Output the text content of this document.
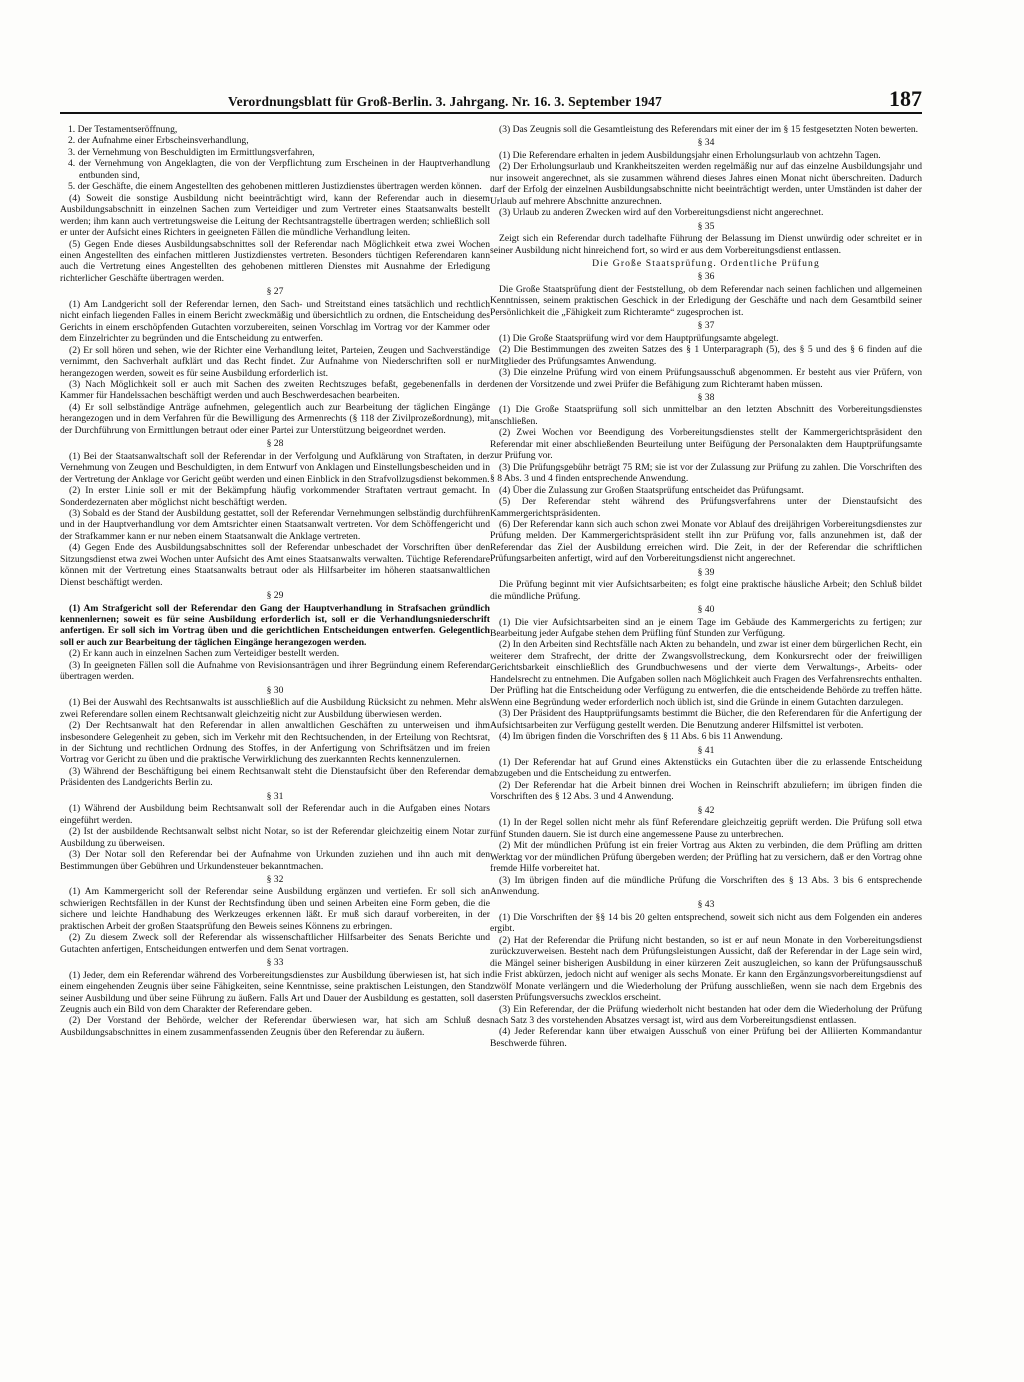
Verordnungsblatt für Groß-Berlin. 3. Jahrgang. Nr. 16. 3. September 1947	187

1. Der Testamentseröffnung,

2. der Aufnahme einer Erbscheinsverhandlung,

3. der Vernehmung von Beschuldigten im Ermittlungsverfahren,

4. der Vernehmung von Angeklagten, die von der Verpflichtung zum Erscheinen in der Hauptverhandlung entbunden sind,

5. der Geschäfte, die einem Angestellten des gehobenen mittleren Justizdienstes übertragen werden können.

(4) Soweit die sonstige Ausbildung nicht beeinträchtigt wird, kann der Referendar auch in diesem Ausbildungsabschnitt in einzelnen Sachen zum Verteidiger und zum Vertreter eines Staatsanwalts bestellt werden; ihm kann auch vertretungsweise die Leitung der Rechtsantragstelle übertragen werden; schließlich soll er unter der Aufsicht eines Richters in geeigneten Fällen die mündliche Verhandlung leiten.

(5) Gegen Ende dieses Ausbildungsabschnittes soll der Referendar nach Möglichkeit etwa zwei Wochen einen Angestellten des einfachen mittleren Justizdienstes vertreten. Besonders tüchtigen Referendaren kann auch die Vertretung eines Angestellten des gehobenen mittleren Dienstes mit Ausnahme der Erledigung richterlicher Geschäfte übertragen werden.

§ 27

(1) Am Landgericht soll der Referendar lernen, den Sach- und Streitstand eines tatsächlich und rechtlich nicht einfach liegenden Falles in einem Bericht zweckmäßig und übersichtlich zu ordnen, die Entscheidung des Gerichts in einem erschöpfenden Gutachten vorzubereiten, seinen Vorschlag im Vortrag vor der Kammer oder dem Einzelrichter zu begründen und die Entscheidung zu entwerfen.

(2) Er soll hören und sehen, wie der Richter eine Verhandlung leitet, Parteien, Zeugen und Sachverständige vernimmt, den Sachverhalt aufklärt und das Recht findet. Zur Aufnahme von Niederschriften soll er nur herangezogen werden, soweit es für seine Ausbildung erforderlich ist.

(3) Nach Möglichkeit soll er auch mit Sachen des zweiten Rechtszuges befaßt, gegebenenfalls in der Kammer für Handelssachen beschäftigt werden und auch Beschwerdesachen bearbeiten.

(4) Er soll selbständige Anträge aufnehmen, gelegentlich auch zur Bearbeitung der täglichen Eingänge herangezogen und in dem Verfahren für die Bewilligung des Armenrechts (§ 118 der Zivilprozeßordnung), mit der Durchführung von Ermittlungen betraut oder einer Partei zur Unterstützung beigeordnet werden.

§ 28

(1) Bei der Staatsanwaltschaft soll der Referendar in der Verfolgung und Aufklärung von Straftaten, in der Vernehmung von Zeugen und Beschuldigten, in dem Entwurf von Anklagen und Einstellungsbescheiden und in der Vertretung der Anklage vor Gericht geübt werden und einen Einblick in den Strafvollzugsdienst bekommen.

(2) In erster Linie soll er mit der Bekämpfung häufig vorkommender Straftaten vertraut gemacht. In Sonderdezernaten aber möglichst nicht beschäftigt werden.

(3) Sobald es der Stand der Ausbildung gestattet, soll der Referendar Vernehmungen selbständig durchführen und in der Hauptverhandlung vor dem Amtsrichter einen Staatsanwalt vertreten. Vor dem Schöffengericht und der Strafkammer kann er nur neben einem Staatsanwalt die Anklage vertreten.

(4) Gegen Ende des Ausbildungsabschnittes soll der Referendar unbeschadet der Vorschriften über den Sitzungsdienst etwa zwei Wochen unter Aufsicht des Amt eines Staatsanwalts verwalten. Tüchtige Referendare können mit der Vertretung eines Staatsanwalts betraut oder als Hilfsarbeiter im höheren staatsanwaltlichen Dienst beschäftigt werden.

§ 29

(1) Am Strafgericht soll der Referendar den Gang der Hauptverhandlung in Strafsachen gründlich kennenlernen; soweit es für seine Ausbildung erforderlich ist, soll er die Verhandlungsniederschrift anfertigen. Er soll sich im Vortrag üben und die gerichtlichen Entscheidungen entwerfen. Gelegentlich soll er auch zur Bearbeitung der täglichen Eingänge herangezogen werden.

(2) Er kann auch in einzelnen Sachen zum Verteidiger bestellt werden.

(3) In geeigneten Fällen soll die Aufnahme von Revisionsanträgen und ihrer Begründung einem Referendar übertragen werden.

§ 30

(1) Bei der Auswahl des Rechtsanwalts ist ausschließlich auf die Ausbildung Rücksicht zu nehmen. Mehr als zwei Referendare sollen einem Rechtsanwalt gleichzeitig nicht zur Ausbildung überwiesen werden.

(2) Der Rechtsanwalt hat den Referendar in allen anwaltlichen Geschäften zu unterweisen und ihm insbesondere Gelegenheit zu geben, sich im Verkehr mit den Rechtsuchenden, in der Erteilung von Rechtsrat, in der Sichtung und rechtlichen Ordnung des Stoffes, in der Anfertigung von Schriftsätzen und im freien Vortrag vor Gericht zu üben und die praktische Verwirklichung des zuerkannten Rechts kennenzulernen.

(3) Während der Beschäftigung bei einem Rechtsanwalt steht die Dienstaufsicht über den Referendar dem Präsidenten des Landgerichts Berlin zu.

§ 31

(1) Während der Ausbildung beim Rechtsanwalt soll der Referendar auch in die Aufgaben eines Notars eingeführt werden.

(2) Ist der ausbildende Rechtsanwalt selbst nicht Notar, so ist der Referendar gleichzeitig einem Notar zur Ausbildung zu überweisen.

(3) Der Notar soll den Referendar bei der Aufnahme von Urkunden zuziehen und ihn auch mit den Bestimmungen über Gebühren und Urkundensteuer bekanntmachen.

§ 32

(1) Am Kammergericht soll der Referendar seine Ausbildung ergänzen und vertiefen. Er soll sich an schwierigen Rechtsfällen in der Kunst der Rechtsfindung üben und seinen Arbeiten eine Form geben, die die sichere und leichte Handhabung des Werkzeuges erkennen läßt. Er muß sich darauf vorbereiten, in der praktischen Arbeit der großen Staatsprüfung den Beweis seines Könnens zu erbringen.

(2) Zu diesem Zweck soll der Referendar als wissenschaftlicher Hilfsarbeiter des Senats Berichte und Gutachten anfertigen, Entscheidungen entwerfen und dem Senat vortragen.

§ 33

(1) Jeder, dem ein Referendar während des Vorbereitungsdienstes zur Ausbildung überwiesen ist, hat sich in einem eingehenden Zeugnis über seine Fähigkeiten, seine Kenntnisse, seine praktischen Leistungen, den Stand seiner Ausbildung und über seine Führung zu äußern. Falls Art und Dauer der Ausbildung es gestatten, soll das Zeugnis auch ein Bild von dem Charakter der Referendare geben.

(2) Der Vorstand der Behörde, welcher der Referendar überwiesen war, hat sich am Schluß des Ausbildungsabschnittes in einem zusammenfassenden Zeugnis über den Referendar zu äußern.

(3) Das Zeugnis soll die Gesamtleistung des Referendars mit einer der im § 15 festgesetzten Noten bewerten.

§ 34

(1) Die Referendare erhalten in jedem Ausbildungsjahr einen Erholungsurlaub von achtzehn Tagen.

(2) Der Erholungsurlaub und Krankheitszeiten werden regelmäßig nur auf das einzelne Ausbildungsjahr und nur insoweit angerechnet, als sie zusammen während dieses Jahres einen Monat nicht überschreiten. Dadurch darf der Erfolg der einzelnen Ausbildungsabschnitte nicht beeinträchtigt werden, unter Umständen ist daher der Urlaub auf mehrere Abschnitte anzurechnen.

(3) Urlaub zu anderen Zwecken wird auf den Vorbereitungsdienst nicht angerechnet.

§ 35

Zeigt sich ein Referendar durch tadelhafte Führung der Belassung im Dienst unwürdig oder schreitet er in seiner Ausbildung nicht hinreichend fort, so wird er aus dem Vorbereitungsdienst entlassen.

Die Große Staatsprüfung. Ordentliche Prüfung

§ 36

Die Große Staatsprüfung dient der Feststellung, ob dem Referendar nach seinen fachlichen und allgemeinen Kenntnissen, seinem praktischen Geschick in der Erledigung der Geschäfte und nach dem Gesamtbild seiner Persönlichkeit die „Fähigkeit zum Richteramte“ zugesprochen ist.

§ 37

(1) Die Große Staatsprüfung wird vor dem Hauptprüfungsamte abgelegt.

(2) Die Bestimmungen des zweiten Satzes des § 1 Unterparagraph (5), des § 5 und des § 6 finden auf die Mitglieder des Prüfungsamtes Anwendung.

(3) Die einzelne Prüfung wird von einem Prüfungsausschuß abgenommen. Er besteht aus vier Prüfern, von denen der Vorsitzende und zwei Prüfer die Befähigung zum Richteramt haben müssen.

§ 38

(1) Die Große Staatsprüfung soll sich unmittelbar an den letzten Abschnitt des Vorbereitungsdienstes anschließen.

(2) Zwei Wochen vor Beendigung des Vorbereitungsdienstes stellt der Kammergerichtspräsident den Referendar mit einer abschließenden Beurteilung unter Beifügung der Personalakten dem Hauptprüfungsamte zur Prüfung vor.

(3) Die Prüfungsgebühr beträgt 75 RM; sie ist vor der Zulassung zur Prüfung zu zahlen. Die Vorschriften des § 8 Abs. 3 und 4 finden entsprechende Anwendung.

(4) Über die Zulassung zur Großen Staatsprüfung entscheidet das Prüfungsamt.

(5) Der Referendar steht während des Prüfungsverfahrens unter der Dienstaufsicht des Kammergerichtspräsidenten.

(6) Der Referendar kann sich auch schon zwei Monate vor Ablauf des dreijährigen Vorbereitungsdienstes zur Prüfung melden. Der Kammergerichtspräsident stellt ihn zur Prüfung vor, falls anzunehmen ist, daß der Referendar das Ziel der Ausbildung erreichen wird. Die Zeit, in der der Referendar die schriftlichen Prüfungsarbeiten anfertigt, wird auf den Vorbereitungsdienst nicht angerechnet.

§ 39

Die Prüfung beginnt mit vier Aufsichtsarbeiten; es folgt eine praktische häusliche Arbeit; den Schluß bildet die mündliche Prüfung.

§ 40

(1) Die vier Aufsichtsarbeiten sind an je einem Tage im Gebäude des Kammergerichts zu fertigen; zur Bearbeitung jeder Aufgabe stehen dem Prüfling fünf Stunden zur Verfügung.

(2) In den Arbeiten sind Rechtsfälle nach Akten zu behandeln, und zwar ist einer dem bürgerlichen Recht, ein weiterer dem Strafrecht, der dritte der Zwangsvollstreckung, dem Konkursrecht oder der freiwilligen Gerichtsbarkeit einschließlich des Grundbuchwesens und der vierte dem Verwaltungs-, Arbeits- oder Handelsrecht zu entnehmen. Die Aufgaben sollen nach Möglichkeit auch Fragen des Verfahrensrechts enthalten. Der Prüfling hat die Entscheidung oder Verfügung zu entwerfen, die die entscheidende Behörde zu treffen hätte. Wenn eine Begründung weder erforderlich noch üblich ist, sind die Gründe in einem Gutachten darzulegen.

(3) Der Präsident des Hauptprüfungsamts bestimmt die Bücher, die den Referendaren für die Anfertigung der Aufsichtsarbeiten zur Verfügung gestellt werden. Die Benutzung anderer Hilfsmittel ist verboten.

(4) Im übrigen finden die Vorschriften des § 11 Abs. 6 bis 11 Anwendung.

§ 41

(1) Der Referendar hat auf Grund eines Aktenstücks ein Gutachten über die zu erlassende Entscheidung abzugeben und die Entscheidung zu entwerfen.

(2) Der Referendar hat die Arbeit binnen drei Wochen in Reinschrift abzuliefern; im übrigen finden die Vorschriften des § 12 Abs. 3 und 4 Anwendung.

§ 42

(1) In der Regel sollen nicht mehr als fünf Referendare gleichzeitig geprüft werden. Die Prüfung soll etwa fünf Stunden dauern. Sie ist durch eine angemessene Pause zu unterbrechen.

(2) Mit der mündlichen Prüfung ist ein freier Vortrag aus Akten zu verbinden, die dem Prüfling am dritten Werktag vor der mündlichen Prüfung übergeben werden; der Prüfling hat zu versichern, daß er den Vortrag ohne fremde Hilfe vorbereitet hat.

(3) Im übrigen finden auf die mündliche Prüfung die Vorschriften des § 13 Abs. 3 bis 6 entsprechende Anwendung.

§ 43

(1) Die Vorschriften der §§ 14 bis 20 gelten entsprechend, soweit sich nicht aus dem Folgenden ein anderes ergibt.

(2) Hat der Referendar die Prüfung nicht bestanden, so ist er auf neun Monate in den Vorbereitungsdienst zurückzuverweisen. Besteht nach dem Prüfungsleistungen Aussicht, daß der Referendar in der Lage sein wird, die Mängel seiner bisherigen Ausbildung in einer kürzeren Zeit auszugleichen, so kann der Prüfungsausschuß die Frist abkürzen, jedoch nicht auf weniger als sechs Monate. Er kann den Ergänzungsvorbereitungsdienst auf zwölf Monate verlängern und die Wiederholung der Prüfung ausschließen, wenn sie nach dem Ergebnis des ersten Prüfungsversuchs zwecklos erscheint.

(3) Ein Referendar, der die Prüfung wiederholt nicht bestanden hat oder dem die Wiederholung der Prüfung nach Satz 3 des vorstehenden Absatzes versagt ist, wird aus dem Vorbereitungsdienst entlassen.

(4) Jeder Referendar kann über etwaigen Ausschuß von einer Prüfung bei der Alliierten Kommandantur Beschwerde führen.
